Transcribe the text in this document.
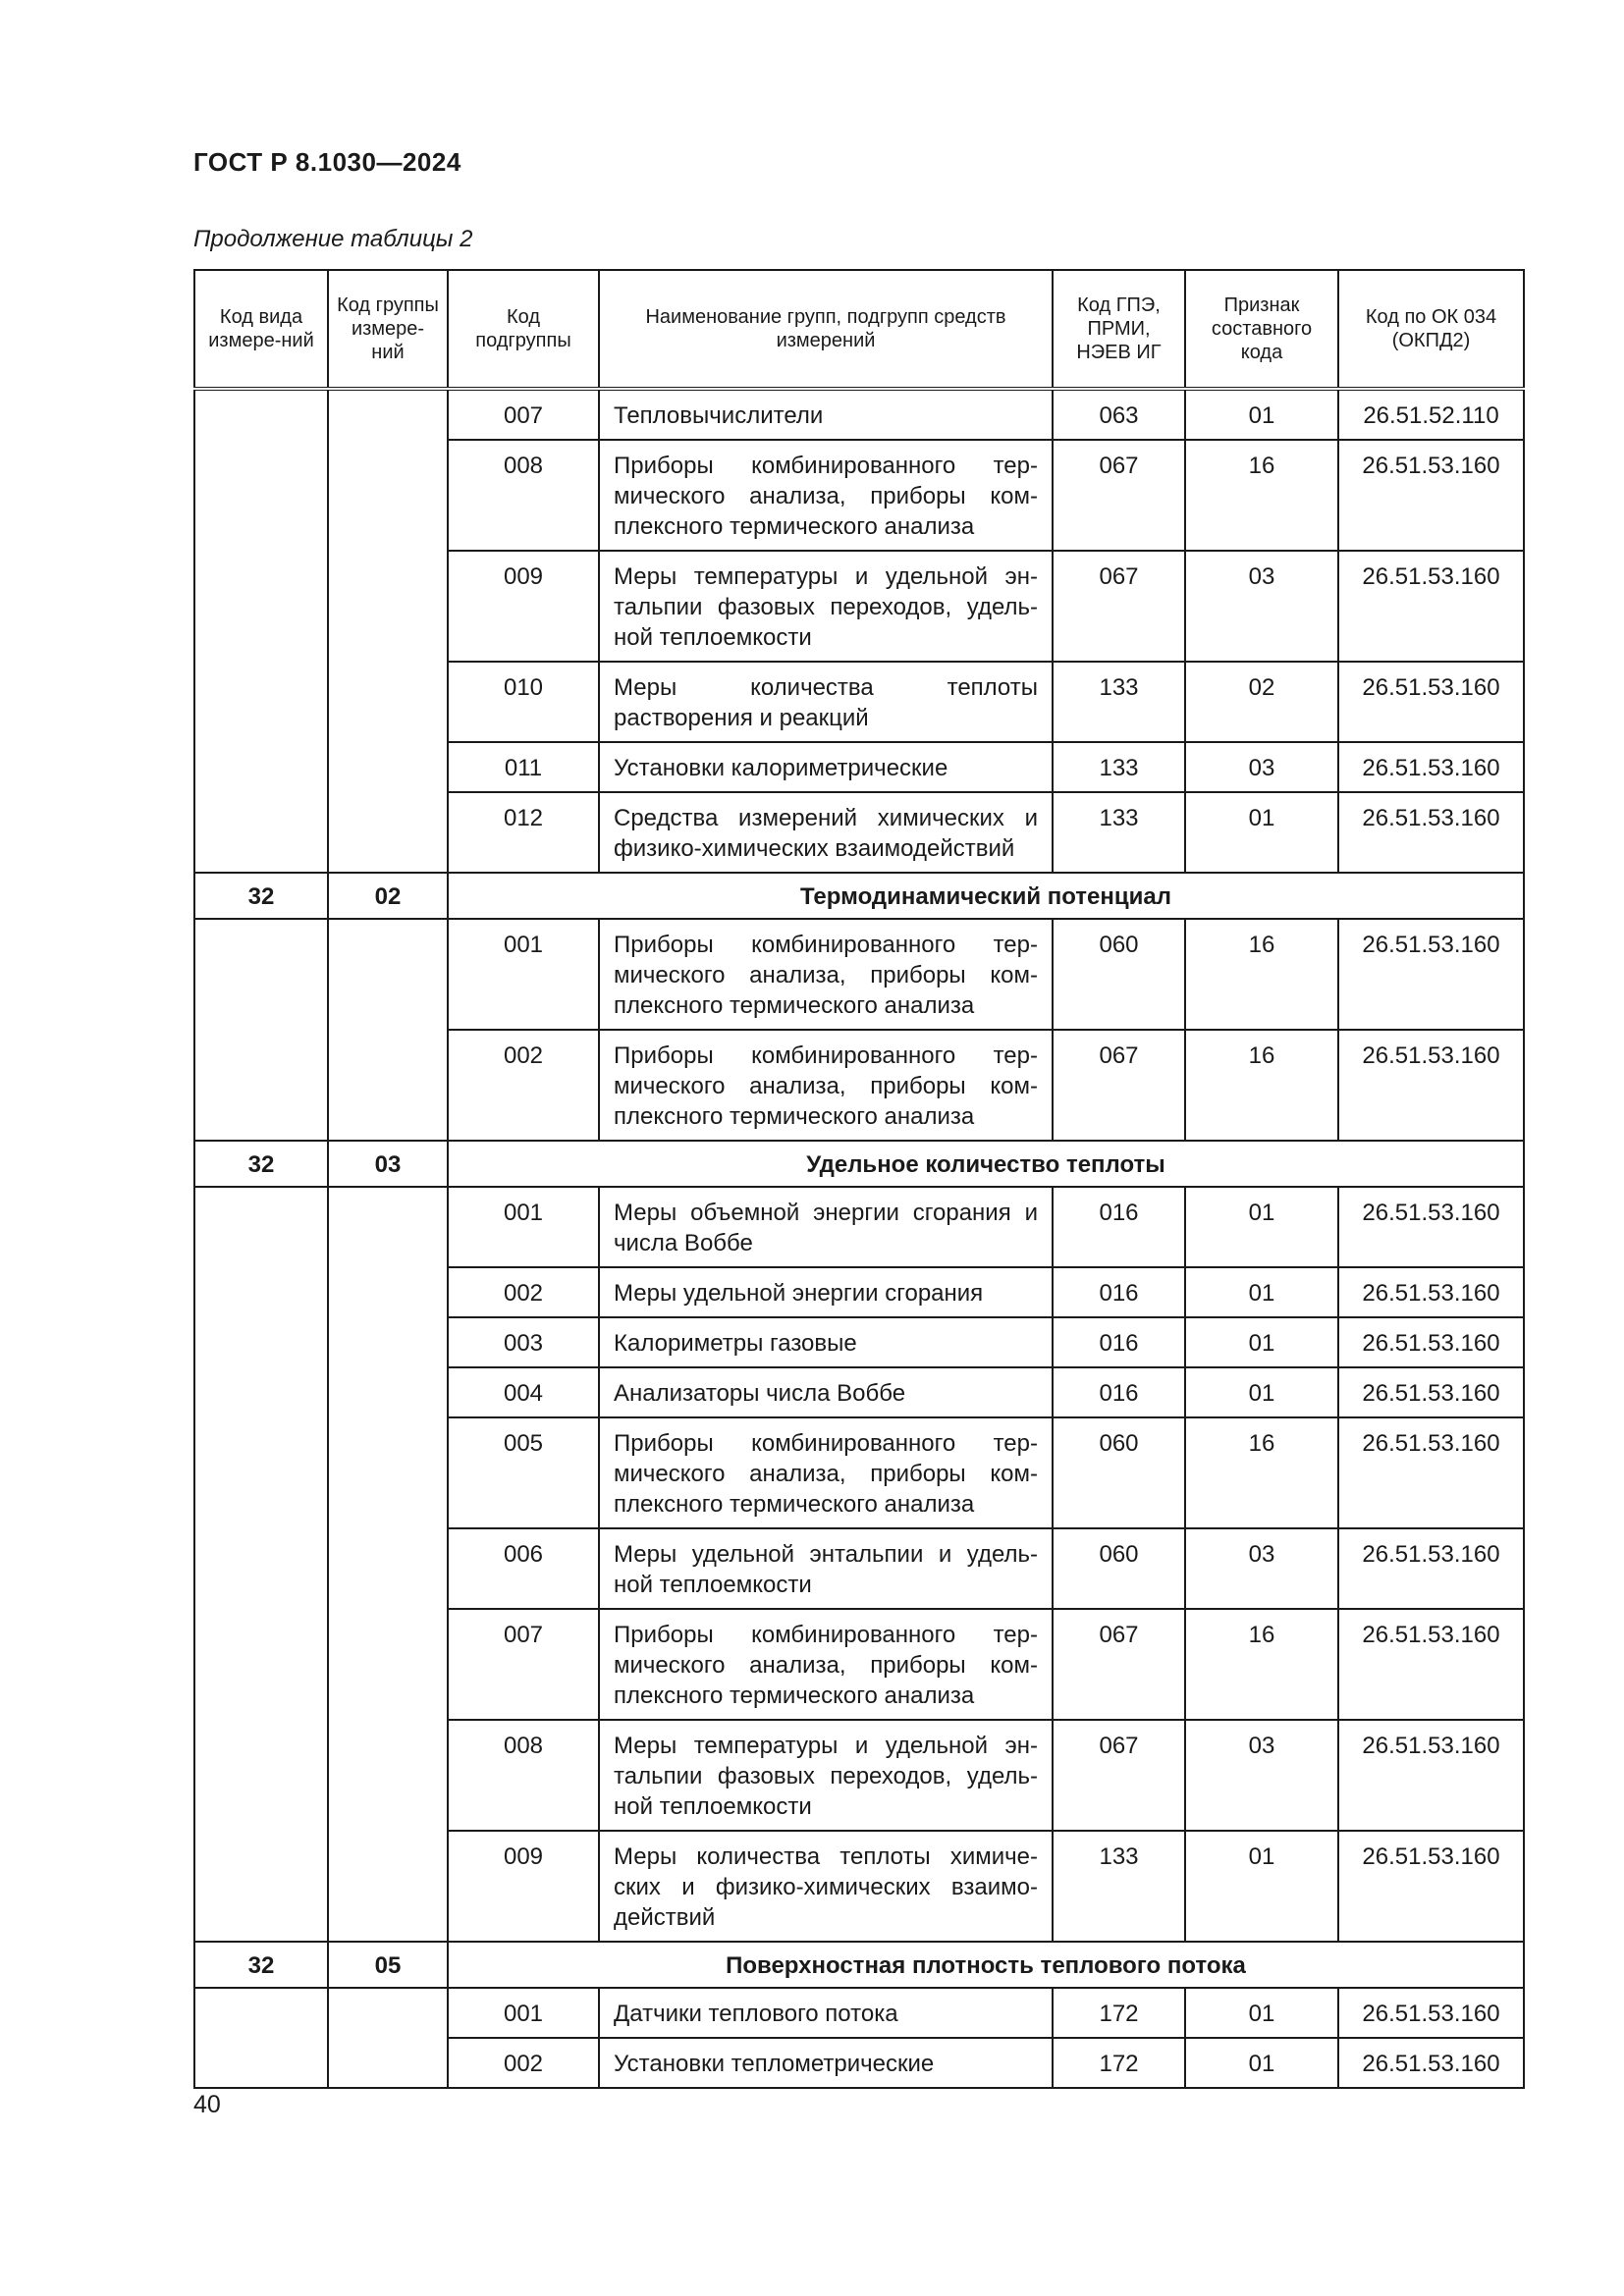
ГОСТ Р 8.1030—2024
Продолжение таблицы 2
Код вида измере-ний	Код группы измере-ний	Код подгруппы	Наименование групп, подгрупп средств измерений	Код ГПЭ, ПРМИ, НЭЕВ ИГ	Признак составного кода	Код по ОК 034 (ОКПД2)
		007	Тепловычислители	063	01	26.51.52.110
		008	Приборы комбинированного тер-мического анализа, приборы ком-плексного термического анализа	067	16	26.51.53.160
		009	Меры температуры и удельной эн-тальпии фазовых переходов, удель-ной теплоемкости	067	03	26.51.53.160
		010	Меры количества теплоты растворения и реакций	133	02	26.51.53.160
		011	Установки калориметрические	133	03	26.51.53.160
		012	Средства измерений химических и физико-химических взаимодействий	133	01	26.51.53.160
32	02	Термодинамический потенциал				
		001	Приборы комбинированного тер-мического анализа, приборы ком-плексного термического анализа	060	16	26.51.53.160
		002	Приборы комбинированного тер-мического анализа, приборы ком-плексного термического анализа	067	16	26.51.53.160
32	03	Удельное количество теплоты				
		001	Меры объемной энергии сгорания и числа Воббе	016	01	26.51.53.160
		002	Меры удельной энергии сгорания	016	01	26.51.53.160
		003	Калориметры газовые	016	01	26.51.53.160
		004	Анализаторы числа Воббе	016	01	26.51.53.160
		005	Приборы комбинированного тер-мического анализа, приборы ком-плексного термического анализа	060	16	26.51.53.160
		006	Меры удельной энтальпии и удель-ной теплоемкости	060	03	26.51.53.160
		007	Приборы комбинированного тер-мического анализа, приборы ком-плексного термического анализа	067	16	26.51.53.160
		008	Меры температуры и удельной эн-тальпии фазовых переходов, удель-ной теплоемкости	067	03	26.51.53.160
		009	Меры количества теплоты химиче-ских и физико-химических взаимо-действий	133	01	26.51.53.160
32	05	Поверхностная плотность теплового потока				
		001	Датчики теплового потока	172	01	26.51.53.160
		002	Установки теплометрические	172	01	26.51.53.160
40
